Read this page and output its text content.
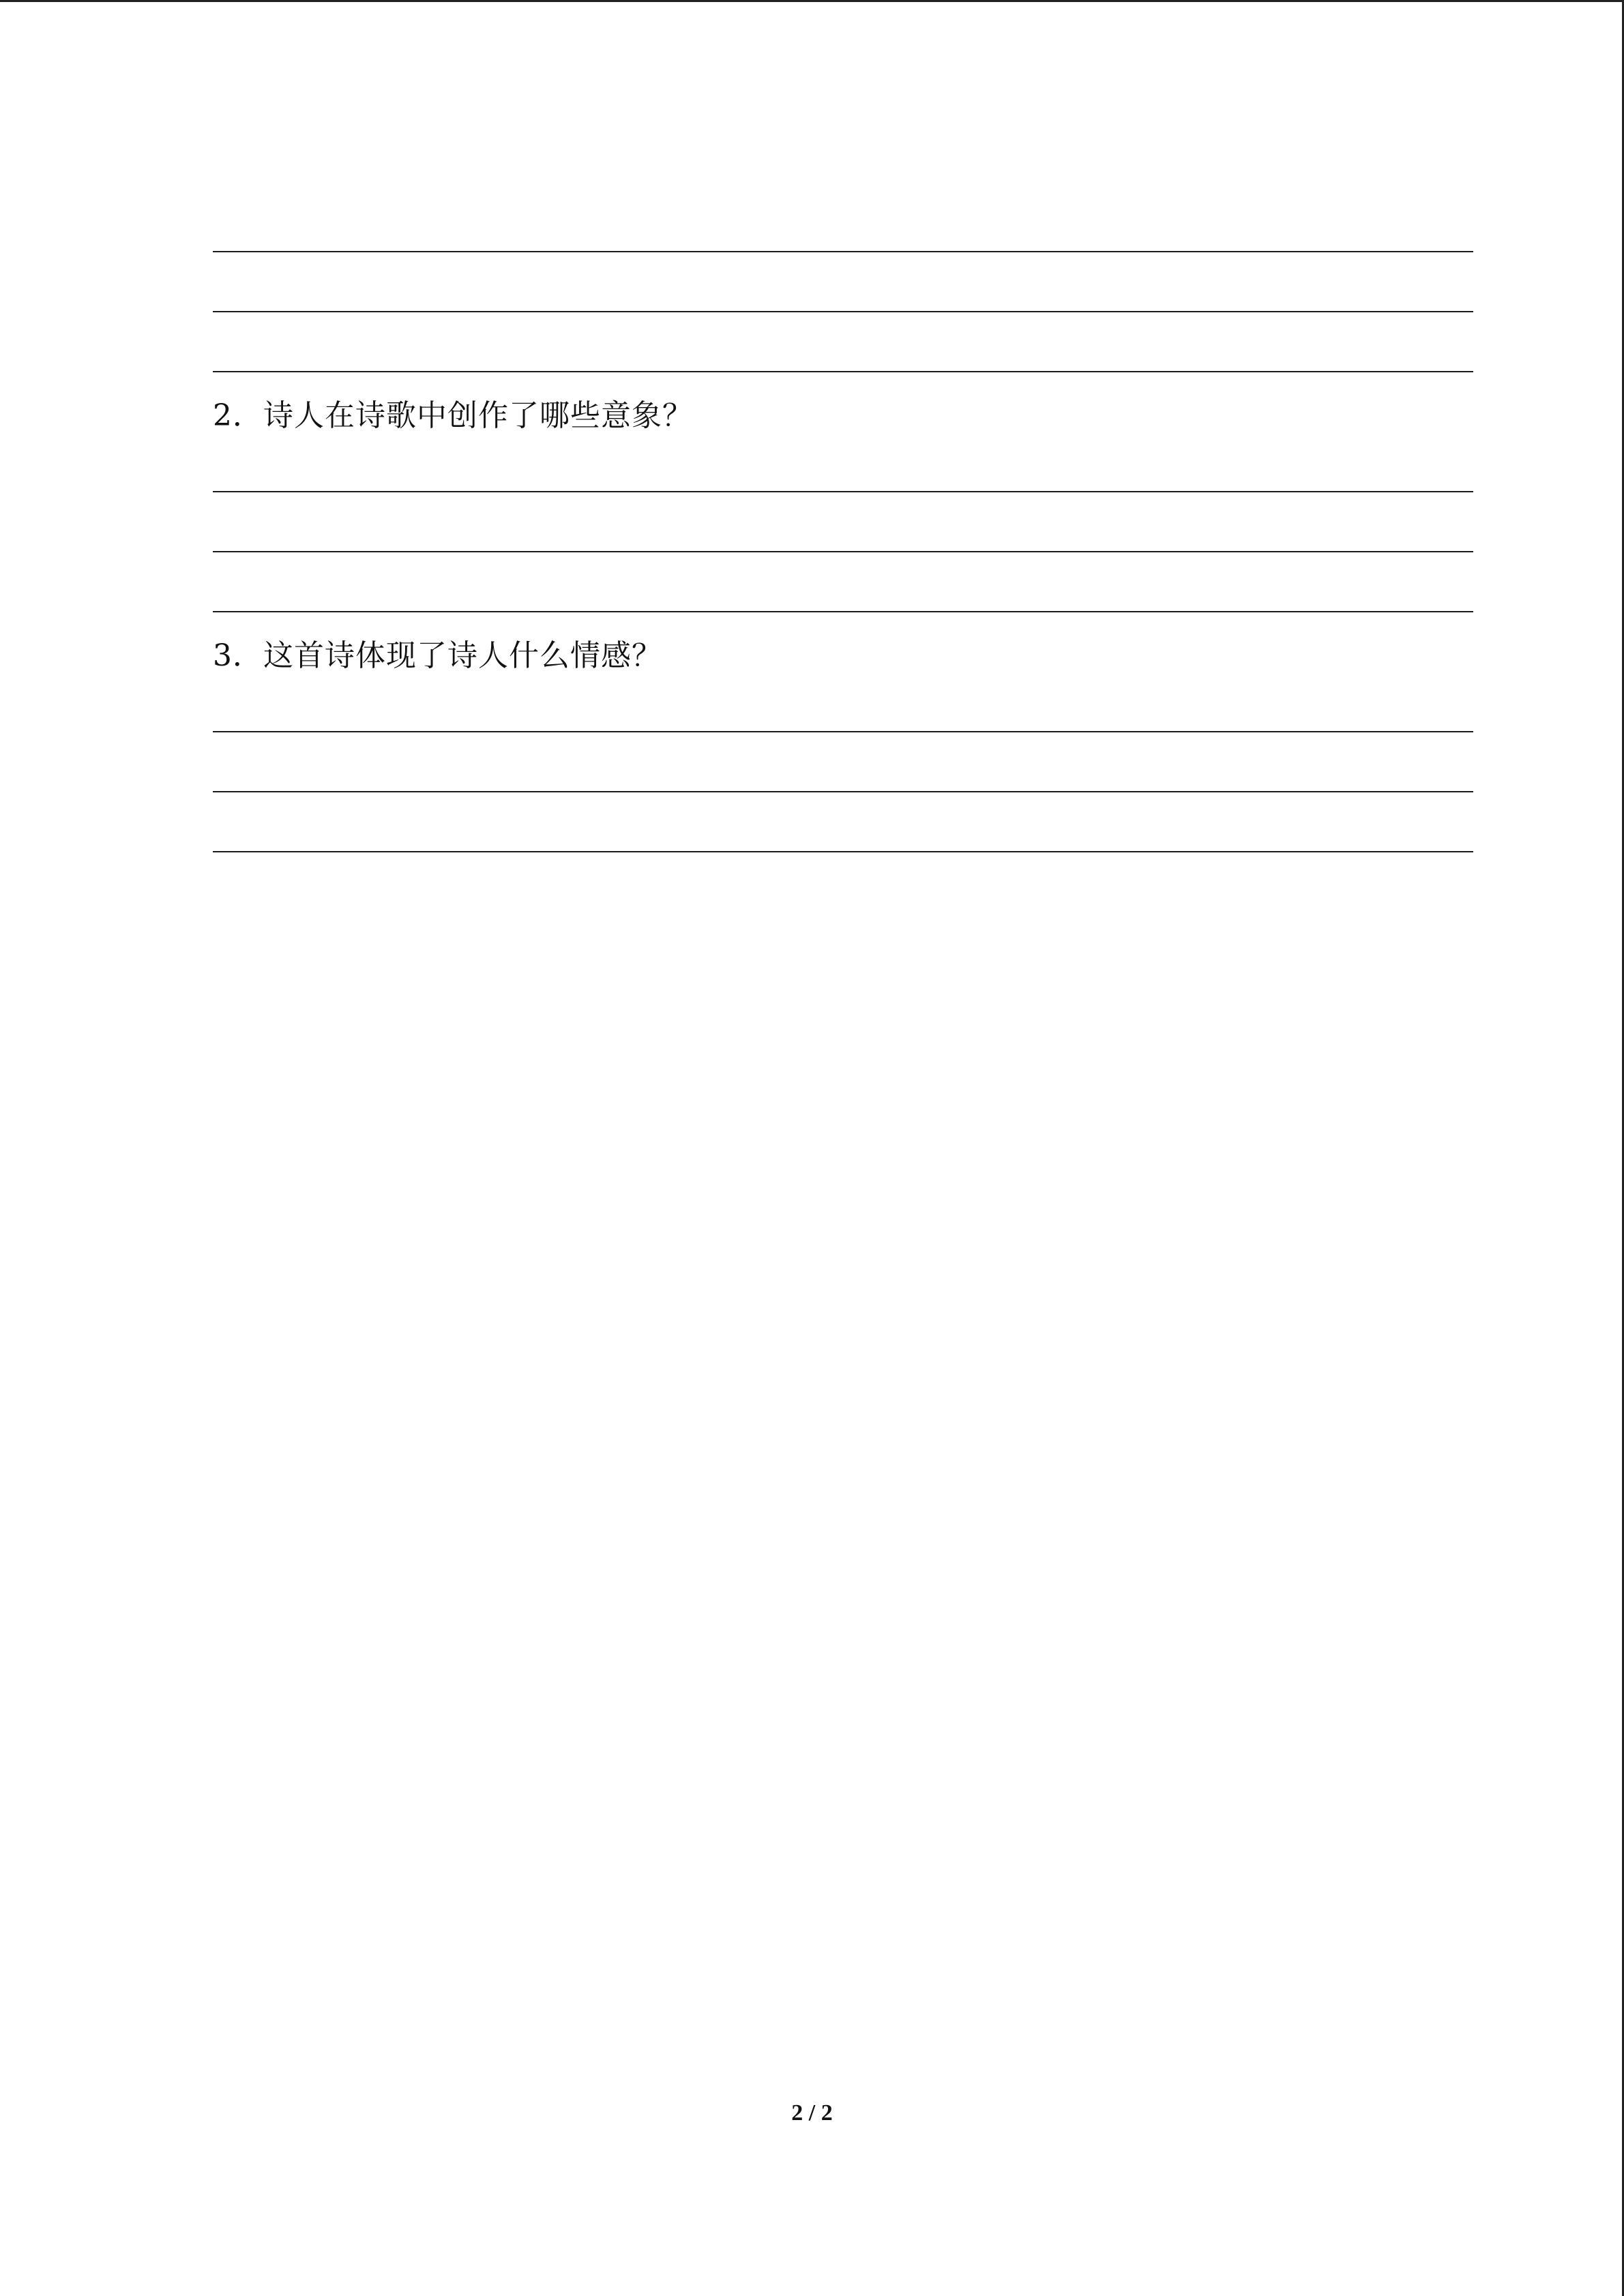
2．诗人在诗歌中创作了哪些意象？
3．这首诗体现了诗人什么情感？
2 / 2
